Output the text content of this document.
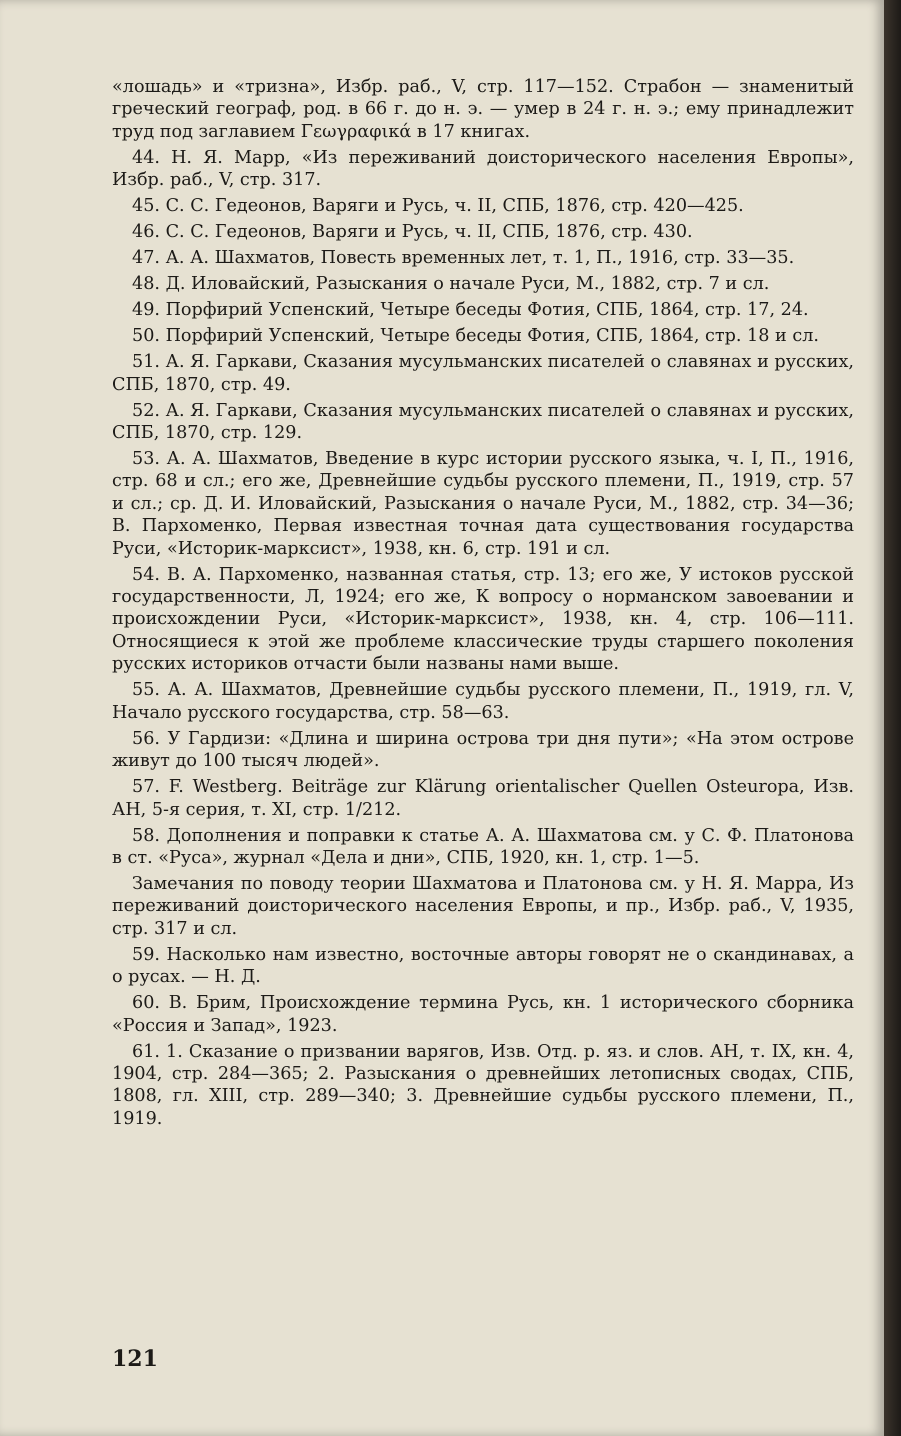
«лошадь» и «тризна», Избр. раб., V, стр. 117—152. Страбон — знаменитый греческий географ, род. в 66 г. до н. э. — умер в 24 г. н. э.; ему принадлежит труд под заглавием Γεωγραφικά в 17 книгах.

44. Н. Я. Марр, «Из переживаний доисторического населения Европы», Избр. раб., V, стр. 317.

45. С. С. Гедеонов, Варяги и Русь, ч. II, СПБ, 1876, стр. 420—425.

46. С. С. Гедеонов, Варяги и Русь, ч. II, СПБ, 1876, стр. 430.

47. А. А. Шахматов, Повесть временных лет, т. 1, П., 1916, стр. 33—35.

48. Д. Иловайский, Разыскания о начале Руси, М., 1882, стр. 7 и сл.

49. Порфирий Успенский, Четыре беседы Фотия, СПБ, 1864, стр. 17, 24.

50. Порфирий Успенский, Четыре беседы Фотия, СПБ, 1864, стр. 18 и сл.

51. А. Я. Гаркави, Сказания мусульманских писателей о славянах и русских, СПБ, 1870, стр. 49.

52. А. Я. Гаркави, Сказания мусульманских писателей о славянах и русских, СПБ, 1870, стр. 129.

53. А. А. Шахматов, Введение в курс истории русского языка, ч. I, П., 1916, стр. 68 и сл.; его же, Древнейшие судьбы русского племени, П., 1919, стр. 57 и сл.; ср. Д. И. Иловайский, Разыскания о начале Руси, М., 1882, стр. 34—36; В. Пархоменко, Первая известная точная дата существования государства Руси, «Историк-марксист», 1938, кн. 6, стр. 191 и сл.

54. В. А. Пархоменко, названная статья, стр. 13; его же, У истоков русской государственности, Л, 1924; его же, К вопросу о норманском завоевании и происхождении Руси, «Историк-марксист», 1938, кн. 4, стр. 106—111. Относящиеся к этой же проблеме классические труды старшего поколения русских историков отчасти были названы нами выше.

55. А. А. Шахматов, Древнейшие судьбы русского племени, П., 1919, гл. V, Начало русского государства, стр. 58—63.

56. У Гардизи: «Длина и ширина острова три дня пути»; «На этом острове живут до 100 тысяч людей».

57. F. Westberg. Beiträge zur Klärung orientalischer Quellen Osteuropa, Изв. АН, 5-я серия, т. XI, стр. 1/212.

58. Дополнения и поправки к статье А. А. Шахматова см. у С. Ф. Платонова в ст. «Руса», журнал «Дела и дни», СПБ, 1920, кн. 1, стр. 1—5.

Замечания по поводу теории Шахматова и Платонова см. у Н. Я. Марра, Из переживаний доисторического населения Европы, и пр., Избр. раб., V, 1935, стр. 317 и сл.

59. Насколько нам известно, восточные авторы говорят не о скандинавах, а о русах. — Н. Д.

60. В. Брим, Происхождение термина Русь, кн. 1 исторического сборника «Россия и Запад», 1923.

61. 1. Сказание о призвании варягов, Изв. Отд. р. яз. и слов. АН, т. IX, кн. 4, 1904, стр. 284—365; 2. Разыскания о древнейших летописных сводах, СПБ, 1808, гл. XIII, стр. 289—340; 3. Древнейшие судьбы русского племени, П., 1919.

121
